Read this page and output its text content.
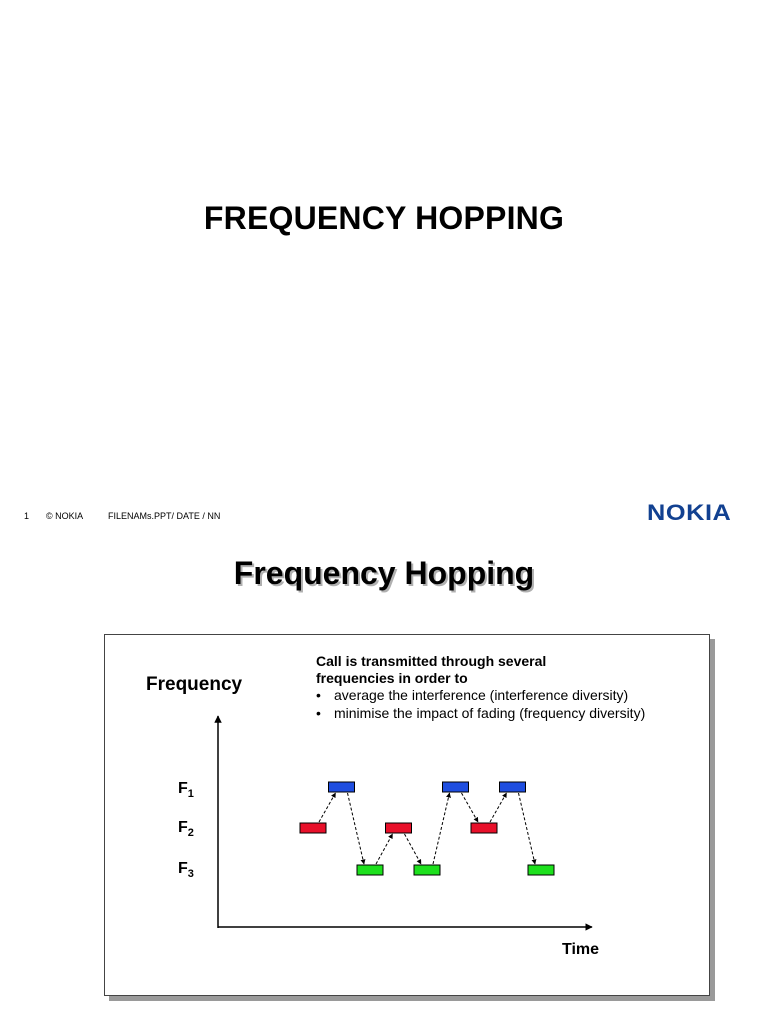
FREQUENCY HOPPING
1 © NOKIA	FILENAMs.PPT/ DATE / NN	NOKIA
Frequency Hopping
Call is transmitted through several
frequencies in order to
• average the interference (interference diversity)
• minimise the impact of fading (frequency diversity)
Frequency
Time
$F_1$
$F_2$
$F_3$
